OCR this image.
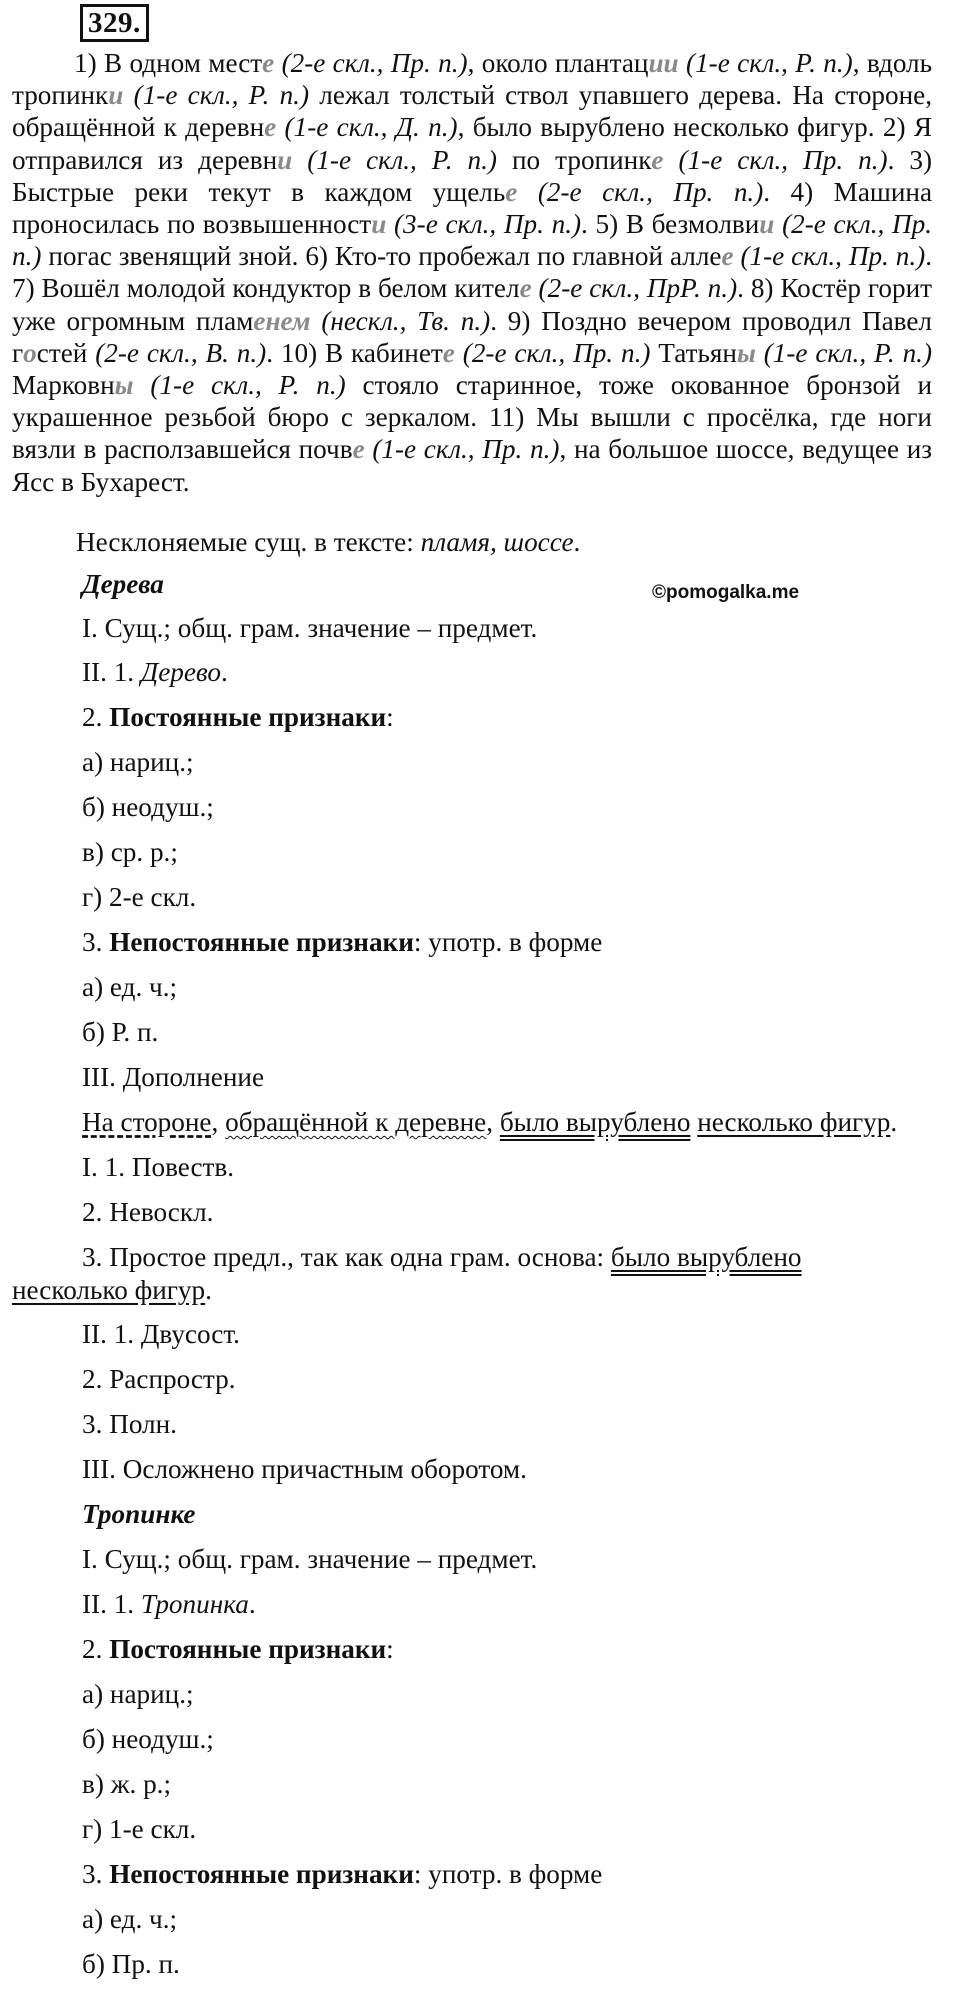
329.
1) В одном месте (2-е скл., Пр. п.), около плантации (1-е скл., Р. п.), вдоль тропинки (1-е скл., Р. п.) лежал толстый ствол упавшего дерева. На стороне, обращённой к деревне (1-е скл., Д. п.), было вырублено несколько фигур. 2) Я отправился из деревни (1-е скл., Р. п.) по тропинке (1-е скл., Пр. п.). 3) Быстрые реки текут в каждом ущелье (2-е скл., Пр. п.). 4) Машина проносилась по возвышенности (3-е скл., Пр. п.). 5) В безмолвии (2-е скл., Пр. п.) погас звенящий зной. 6) Кто-то пробежал по главной аллее (1-е скл., Пр. п.). 7) Вошёл молодой кондуктор в белом кителе (2-е скл., ПрР. п.). 8) Костёр горит уже огромным пламенем (нескл., Тв. п.). 9) Поздно вечером проводил Павел гостей (2-е скл., В. п.). 10) В кабинете (2-е скл., Пр. п.) Татьяны (1-е скл., Р. п.) Марковны (1-е скл., Р. п.) стояло старинное, тоже окованное бронзой и украшенное резьбой бюро с зеркалом. 11) Мы вышли с просёлка, где ноги вязли в расползавшейся почве (1-е скл., Пр. п.), на большое шоссе, ведущее из Ясс в Бухарест.
Несклоняемые сущ. в тексте: пламя, шоссе.
©pomogalka.me
Дерева
I. Сущ.; общ. грам. значение – предмет.
II. 1. Дерево.
2. Постоянные признаки:
а) нариц.;
б) неодуш.;
в) ср. р.;
г) 2-е скл.
3. Непостоянные признаки: употр. в форме
а) ед. ч.;
б) Р. п.
III. Дополнение
На стороне, обращённой к деревне, было вырублено несколько фигур.
I. 1. Повеств.
2. Невоскл.
3. Простое предл., так как одна грам. основа: было вырублено
несколько фигур.
II. 1. Двусост.
2. Распростр.
3. Полн.
III. Осложнено причастным оборотом.
Тропинке
I. Сущ.; общ. грам. значение – предмет.
II. 1. Тропинка.
2. Постоянные признаки:
а) нариц.;
б) неодуш.;
в) ж. р.;
г) 1-е скл.
3. Непостоянные признаки: употр. в форме
а) ед. ч.;
б) Пр. п.
